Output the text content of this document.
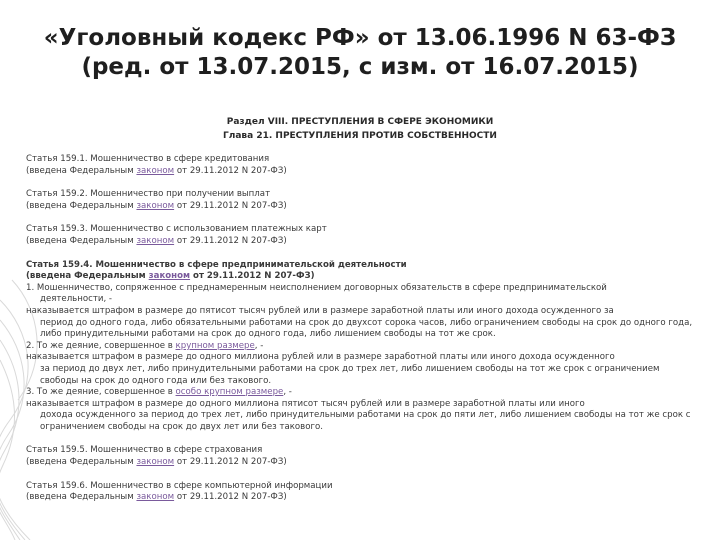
«Уголовный кодекс РФ» от 13.06.1996 N 63-ФЗ (ред. от 13.07.2015, с изм. от 16.07.2015)
Раздел VIII. ПРЕСТУПЛЕНИЯ В СФЕРЕ ЭКОНОМИКИ
Глава 21. ПРЕСТУПЛЕНИЯ ПРОТИВ СОБСТВЕННОСТИ
Статья 159.1. Мошенничество в сфере кредитования
(введена Федеральным законом от 29.11.2012 N 207-ФЗ)
Статья 159.2. Мошенничество при получении выплат
(введена Федеральным законом от 29.11.2012 N 207-ФЗ)
Статья 159.3. Мошенничество с использованием платежных карт
(введена Федеральным законом от 29.11.2012 N 207-ФЗ)
Статья 159.4. Мошенничество в сфере предпринимательской деятельности
(введена Федеральным законом от 29.11.2012 N 207-ФЗ)
1. Мошенничество, сопряженное с преднамеренным неисполнением договорных обязательств в сфере предпринимательской
деятельности, -
наказывается штрафом в размере до пятисот тысяч рублей или в размере заработной платы или иного дохода осужденного за
период до одного года, либо обязательными работами на срок до двухсот сорока часов, либо ограничением свободы на срок до одного года, либо принудительными работами на срок до одного года, либо лишением свободы на тот же срок.
2. То же деяние, совершенное в крупном размере, -
наказывается штрафом в размере до одного миллиона рублей или в размере заработной платы или иного дохода осужденного
за период до двух лет, либо принудительными работами на срок до трех лет, либо лишением свободы на тот же срок с ограничением свободы на срок до одного года или без такового.
3. То же деяние, совершенное в особо крупном размере, -
наказывается штрафом в размере до одного миллиона пятисот тысяч рублей или в размере заработной платы или иного
дохода осужденного за период до трех лет, либо принудительными работами на срок до пяти лет, либо лишением свободы на тот же срок с ограничением свободы на срок до двух лет или без такового.
Статья 159.5. Мошенничество в сфере страхования
(введена Федеральным законом от 29.11.2012 N 207-ФЗ)
Статья 159.6. Мошенничество в сфере компьютерной информации
(введена Федеральным законом от 29.11.2012 N 207-ФЗ)
